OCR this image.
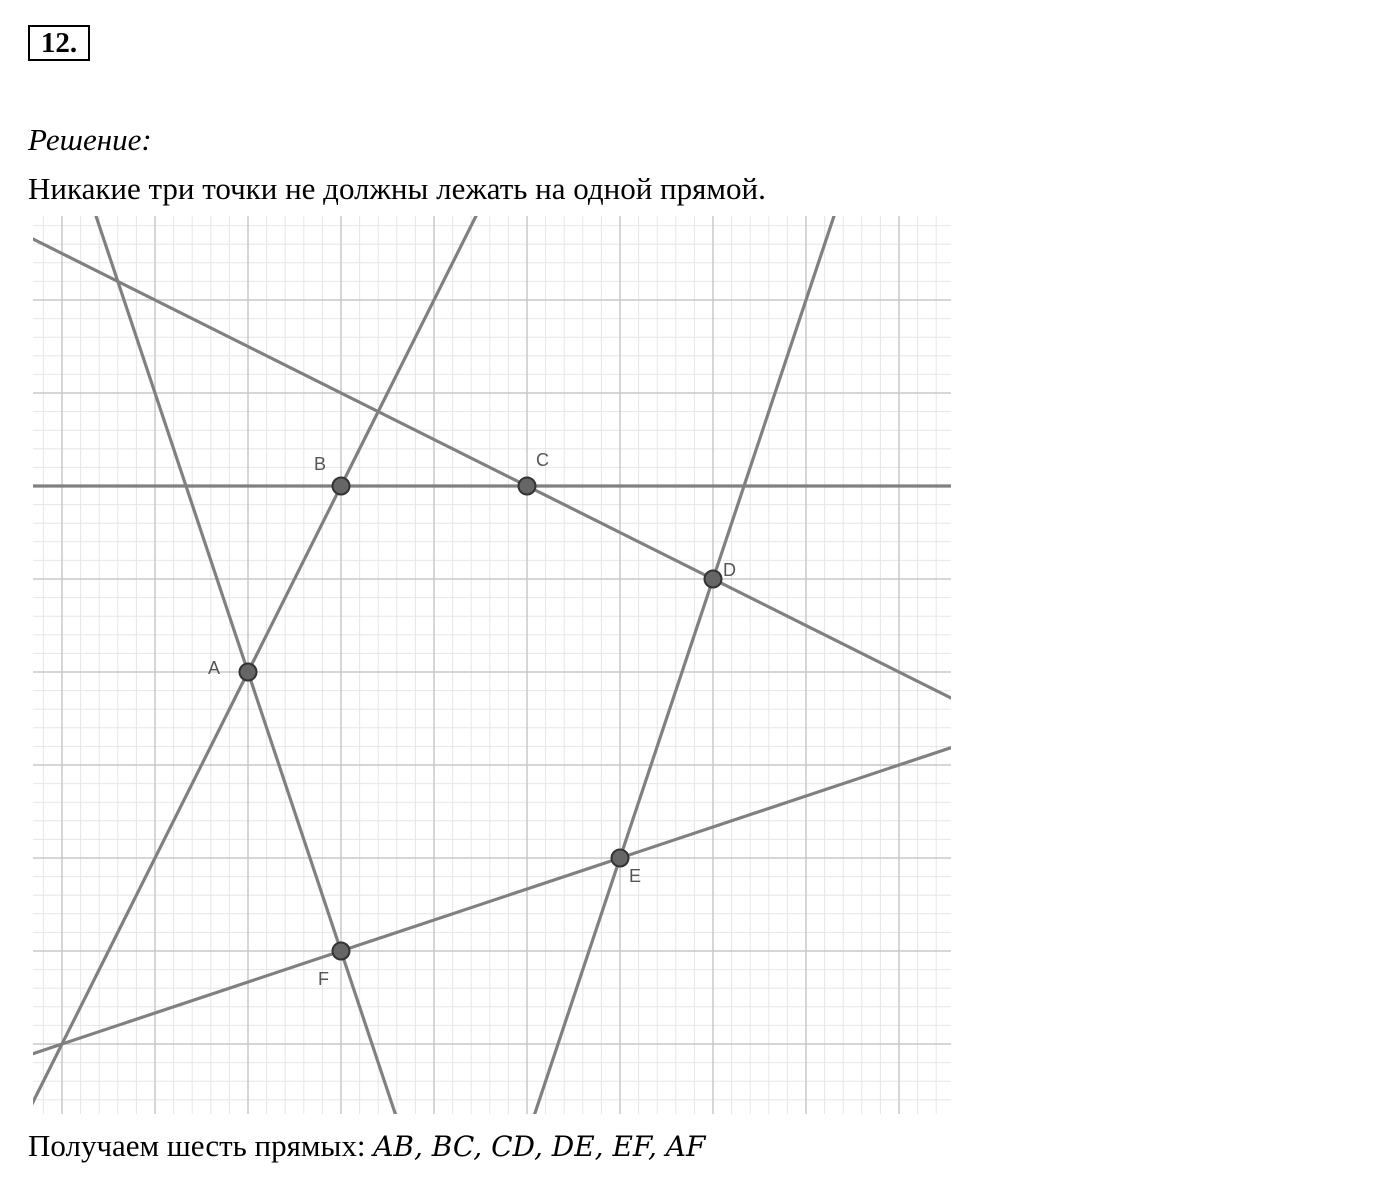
12.
Решение:

Никакие три точки не должны лежать на одной прямой.

A
B	C
D
E
F

Получаем шесть прямых: AB, BC, CD, DE, EF, AF
